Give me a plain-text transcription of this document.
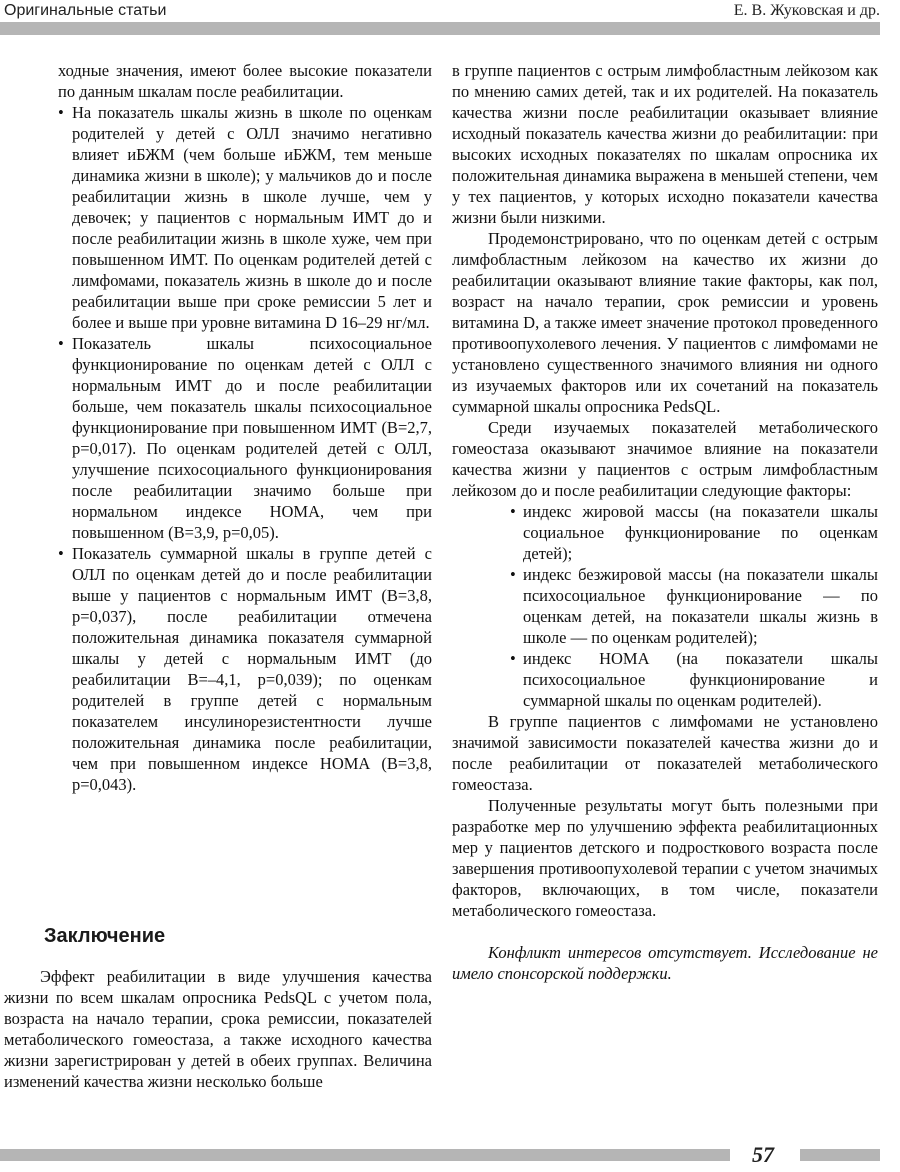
Оригинальные статьи	Е. В. Жуковская и др.

ходные значения, имеют более высокие показатели по данным шкалам после реабилитации.

• На показатель шкалы жизнь в школе по оценкам родителей у детей с ОЛЛ значимо негативно влияет иБЖМ (чем больше иБЖМ, тем меньше динамика жизни в школе); у мальчиков до и после реабилитации жизнь в школе лучше, чем у девочек; у пациентов с нормальным ИМТ до и после реабилитации жизнь в школе хуже, чем при повышенном ИМТ. По оценкам родителей детей с лимфомами, показатель жизнь в школе до и после реабилитации выше при сроке ремиссии 5 лет и более и выше при уровне витамина D 16–29 нг/мл.
• Показатель шкалы психосоциальное функционирование по оценкам детей с ОЛЛ с нормальным ИМТ до и после реабилитации больше, чем показатель шкалы психосоциальное функционирование при повышенном ИМТ (В=2,7, р=0,017). По оценкам родителей детей с ОЛЛ, улучшение психосоциального функционирования после реабилитации значимо больше при нормальном индексе HOMA, чем при повышенном (В=3,9, р=0,05).
• Показатель суммарной шкалы в группе детей с ОЛЛ по оценкам детей до и после реабилитации выше у пациентов с нормальным ИМТ (В=3,8, р=0,037), после реабилитации отмечена положительная динамика показателя суммарной шкалы у детей с нормальным ИМТ (до реабилитации В=–4,1, р=0,039); по оценкам родителей в группе детей с нормальным показателем инсулинорезистентности лучше положительная динамика после реабилитации, чем при повышенном индексе HOMA (В=3,8, р=0,043).
Заключение

Эффект реабилитации в виде улучшения качества жизни по всем шкалам опросника PedsQL с учетом пола, возраста на начало терапии, срока ремиссии, показателей метаболического гомеостаза, а также исходного качества жизни зарегистрирован у детей в обеих группах. Величина изменений качества жизни несколько больше

в группе пациентов с острым лимфобластным лейкозом как по мнению самих детей, так и их родителей. На показатель качества жизни после реабилитации оказывает влияние исходный показатель качества жизни до реабилитации: при высоких исходных показателях по шкалам опросника их положительная динамика выражена в меньшей степени, чем у тех пациентов, у которых исходно показатели качества жизни были низкими.

Продемонстрировано, что по оценкам детей с острым лимфобластным лейкозом на качество их жизни до реабилитации оказывают влияние такие факторы, как пол, возраст на начало терапии, срок ремиссии и уровень витамина D, а также имеет значение протокол проведенного противоопухолевого лечения. У пациентов с лимфомами не установлено существенного значимого влияния ни одного из изучаемых факторов или их сочетаний на показатель суммарной шкалы опросника PedsQL.

Среди изучаемых показателей метаболического гомеостаза оказывают значимое влияние на показатели качества жизни у пациентов с острым лимфобластным лейкозом до и после реабилитации следующие факторы:

• индекс жировой массы (на показатели шкалы социальное функционирование по оценкам детей);
• индекс безжировой массы (на показатели шкалы психосоциальное функционирование — по оценкам детей, на показатели шкалы жизнь в школе — по оценкам родителей);
• индекс HOMA (на показатели шкалы психосоциальное функционирование и суммарной шкалы по оценкам родителей).

В группе пациентов с лимфомами не установлено значимой зависимости показателей качества жизни до и после реабилитации от показателей метаболического гомеостаза.

Полученные результаты могут быть полезными при разработке мер по улучшению эффекта реабилитационных мер у пациентов детского и подросткового возраста после завершения противоопухолевой терапии с учетом значимых факторов, включающих, в том числе, показатели метаболического гомеостаза.

Конфликт интересов отсутствует. Исследование не имело спонсорской поддержки.

57
